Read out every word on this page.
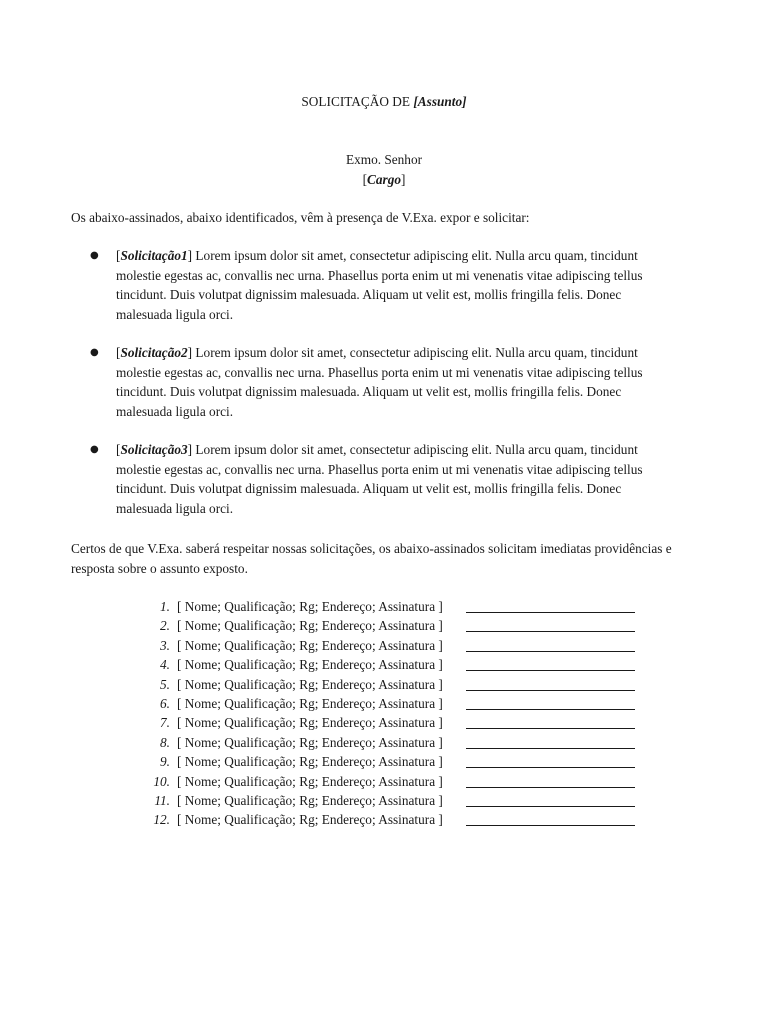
SOLICITAÇÃO DE [Assunto]
Exmo. Senhor
[Cargo]
Os abaixo-assinados, abaixo identificados, vêm à presença de V.Exa. expor e solicitar:
● [Solicitação1] Lorem ipsum dolor sit amet, consectetur adipiscing elit. Nulla arcu quam, tincidunt molestie egestas ac, convallis nec urna. Phasellus porta enim ut mi venenatis vitae adipiscing tellus tincidunt. Duis volutpat dignissim malesuada. Aliquam ut velit est, mollis fringilla felis. Donec malesuada ligula orci.
● [Solicitação2] Lorem ipsum dolor sit amet, consectetur adipiscing elit. Nulla arcu quam, tincidunt molestie egestas ac, convallis nec urna. Phasellus porta enim ut mi venenatis vitae adipiscing tellus tincidunt. Duis volutpat dignissim malesuada. Aliquam ut velit est, mollis fringilla felis. Donec malesuada ligula orci.
● [Solicitação3] Lorem ipsum dolor sit amet, consectetur adipiscing elit. Nulla arcu quam, tincidunt molestie egestas ac, convallis nec urna. Phasellus porta enim ut mi venenatis vitae adipiscing tellus tincidunt. Duis volutpat dignissim malesuada. Aliquam ut velit est, mollis fringilla felis. Donec malesuada ligula orci.
Certos de que V.Exa. saberá respeitar nossas solicitações, os abaixo-assinados solicitam imediatas providências e resposta sobre o assunto exposto.
1. [ Nome; Qualificação; Rg; Endereço; Assinatura ]
2. [ Nome; Qualificação; Rg; Endereço; Assinatura ]
3. [ Nome; Qualificação; Rg; Endereço; Assinatura ]
4. [ Nome; Qualificação; Rg; Endereço; Assinatura ]
5. [ Nome; Qualificação; Rg; Endereço; Assinatura ]
6. [ Nome; Qualificação; Rg; Endereço; Assinatura ]
7. [ Nome; Qualificação; Rg; Endereço; Assinatura ]
8. [ Nome; Qualificação; Rg; Endereço; Assinatura ]
9. [ Nome; Qualificação; Rg; Endereço; Assinatura ]
10. [ Nome; Qualificação; Rg; Endereço; Assinatura ]
11. [ Nome; Qualificação; Rg; Endereço; Assinatura ]
12. [ Nome; Qualificação; Rg; Endereço; Assinatura ]
